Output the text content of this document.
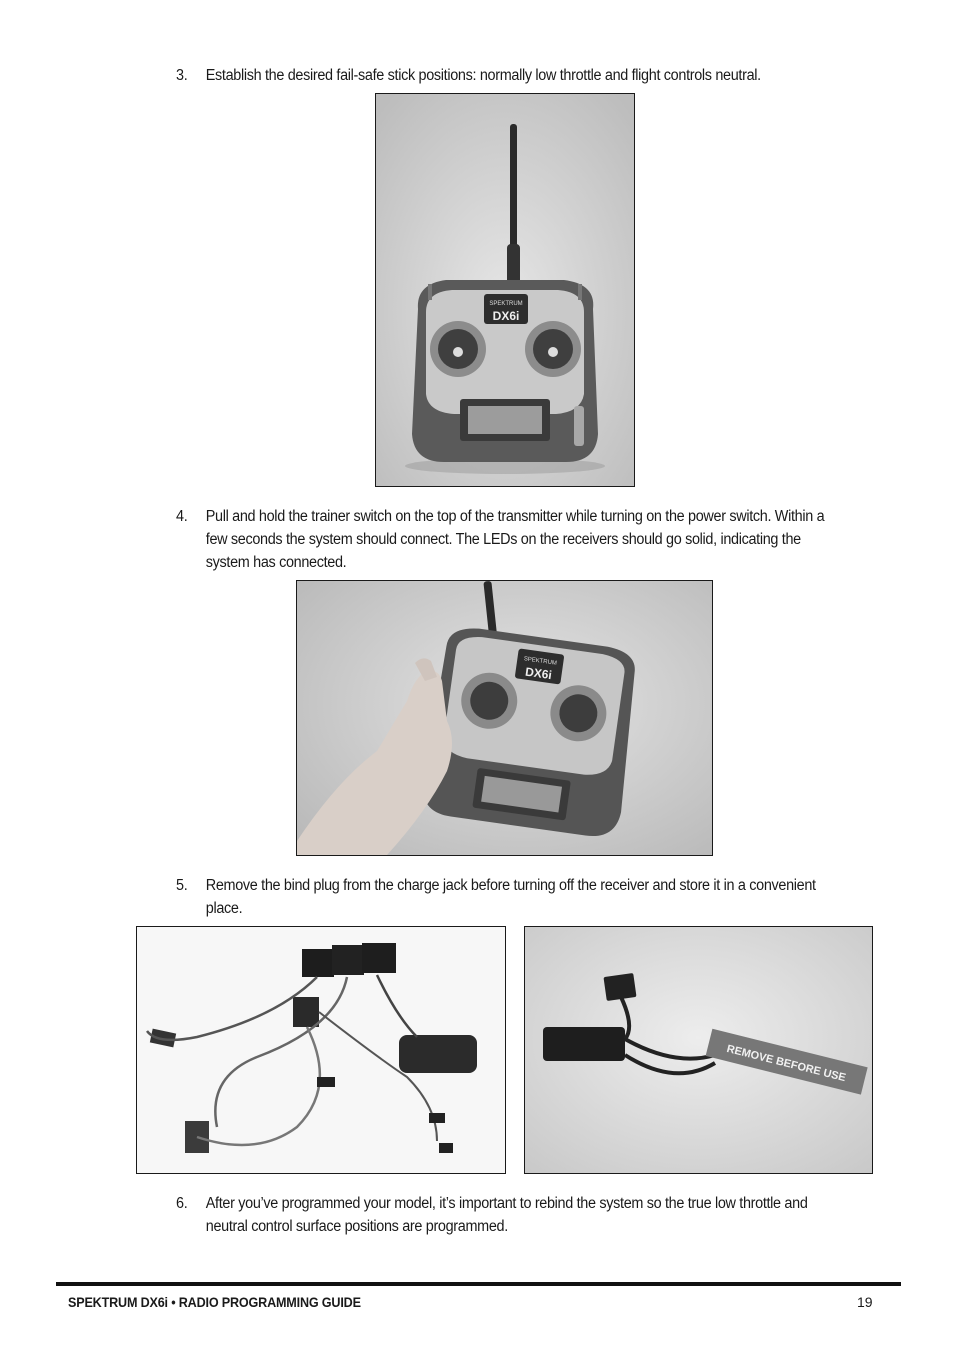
3.	Establish the desired fail-safe stick positions: normally low throttle and flight controls neutral.
SPEKTRUM
DX6i
4.	Pull and hold the trainer switch on the top of the transmitter while turning on the power switch. Within a few seconds the system should connect. The LEDs on the receivers should go solid, indicating the system has connected.
SPEKTRUM
DX6i
5.	Remove the bind plug from the charge jack before turning off the receiver and store it in a convenient place.
REMOVE BEFORE USE
6.	After you’ve programmed your model, it’s important to rebind the system so the true low throttle and neutral control surface positions are programmed.
SPEKTRUM DX6i • RADIO PROGRAMMING GUIDE	19
